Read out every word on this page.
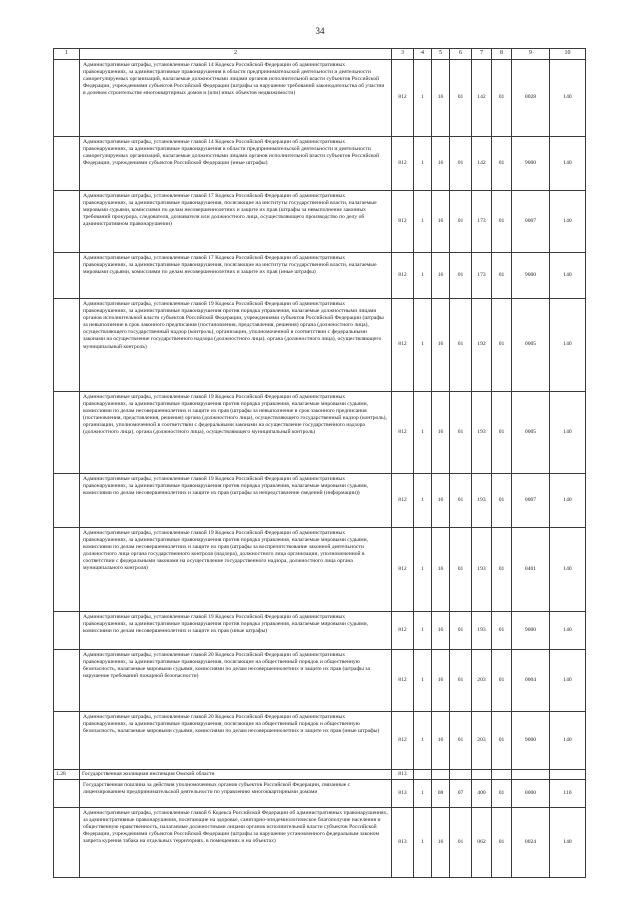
34
1	2	3	4	5	6	7	8	9	10
	Административные штрафы, установленные главой 14 Кодекса Российской Федерации об административных правонарушениях, за административные правонарушения в области предпринимательской деятельности и деятельности саморегулируемых организаций, налагаемые должностными лицами органов исполнительной власти субъектов Российской Федерации, учреждениями субъектов Российской Федерации (штрафы за нарушение требований законодательства об участии в долевом строительстве многоквартирных домов и (или) иных объектов недвижимости)	812	1	16	01	142	01	0028	140
	Административные штрафы, установленные главой 14 Кодекса Российской Федерации об административных правонарушениях, за административные правонарушения в области предпринимательской деятельности и деятельности саморегулируемых организаций, налагаемые должностными лицами органов исполнительной власти субъектов Российской Федерации, учреждениями субъектов Российской Федерации (иные штрафы)	812	1	16	01	142	01	9000	140
	Административные штрафы, установленные главой 17 Кодекса Российской Федерации об административных правонарушениях, за административные правонарушения, посягающие на институты государственной власти, налагаемые мировыми судьями, комиссиями по делам несовершеннолетних и защите их прав (штрафы за невыполнение законных требований прокурора, следователя, дознавателя или должностного лица, осуществляющего производство по делу об административном правонарушении)	812	1	16	01	173	01	0007	140
	Административные штрафы, установленные главой 17 Кодекса Российской Федерации об административных правонарушениях, за административные правонарушения, посягающие на институты государственной власти, налагаемые мировыми судьями, комиссиями по делам несовершеннолетних и защите их прав (иные штрафы)	812	1	16	01	173	01	9000	140
	Административные штрафы, установленные главой 19 Кодекса Российской Федерации об административных правонарушениях, за административные правонарушения против порядка управления, налагаемые должностными лицами органов исполнительной власти субъектов Российской Федерации, учреждениями субъектов Российской Федерации (штрафы за невыполнение в срок законного предписания (постановления, представления, решения) органа (должностного лица), осуществляющего государственный надзор (контроль), организации, уполномоченной в соответствии с федеральными законами на осуществление государственного надзора (должностного лица), органа (должностного лица), осуществляющего муниципальный контроль)	812	1	16	01	192	01	0005	140
	Административные штрафы, установленные главой 19 Кодекса Российской Федерации об административных правонарушениях, за административные правонарушения против порядка управления, налагаемые мировыми судьями, комиссиями по делам несовершеннолетних и защите их прав (штрафы за невыполнение в срок законного предписания (постановления, представления, решения) органа (должностного лица), осуществляющего государственный надзор (контроль), организации, уполномоченной в соответствии с федеральными законами на осуществление государственного надзора (должностного лица), органа (должностного лица), осуществляющего муниципальный контроль)	812	1	16	01	193	01	0005	140
	Административные штрафы, установленные главой 19 Кодекса Российской Федерации об административных правонарушениях, за административные правонарушения против порядка управления, налагаемые мировыми судьями, комиссиями по делам несовершеннолетних и защите их прав (штрафы за непредставление сведений (информации))	812	1	16	01	193	01	0007	140
	Административные штрафы, установленные главой 19 Кодекса Российской Федерации об административных правонарушениях, за административные правонарушения против порядка управления, налагаемые мировыми судьями, комиссиями по делам несовершеннолетних и защите их прав (штрафы за воспрепятствование законной деятельности должностного лица органа государственного контроля (надзора), должностного лица организации, уполномоченной в соответствии с федеральными законами на осуществление государственного надзора, должностного лица органа муниципального контроля)	812	1	16	01	193	01	0401	140
	Административные штрафы, установленные главой 19 Кодекса Российской Федерации об административных правонарушениях, за административные правонарушения против порядка управления, налагаемые мировыми судьями, комиссиями по делам несовершеннолетних и защите их прав (иные штрафы)	812	1	16	01	193	01	9000	140
	Административные штрафы, установленные главой 20 Кодекса Российской Федерации об административных правонарушениях, за административные правонарушения, посягающие на общественный порядок и общественную безопасность, налагаемые мировыми судьями, комиссиями по делам несовершеннолетних и защите их прав (штрафы за нарушение требований пожарной безопасности)	812	1	16	01	203	01	0004	140
	Административные штрафы, установленные главой 20 Кодекса Российской Федерации об административных правонарушениях, за административные правонарушения, посягающие на общественный порядок и общественную безопасность, налагаемые мировыми судьями, комиссиями по делам несовершеннолетних и защите их прав (иные штрафы)	812	1	16	01	203	01	9000	140
1.28	Государственная жилищная инспекция Омской области	813							
	Государственная пошлина за действия уполномоченных органов субъектов Российской Федерации, связанные с лицензированием предпринимательской деятельности по управлению многоквартирными домами	813	1	08	07	400	01	0000	110
	Административные штрафы, установленные главой 6 Кодекса Российской Федерации об административных правонарушениях, за административные правонарушения, посягающие на здоровье, санитарно-эпидемиологическое благополучие населения и общественную нравственность, налагаемые должностными лицами органов исполнительной власти субъектов Российской Федерации, учреждениями субъектов Российской Федерации (штрафы за нарушение установленного федеральным законом запрета курения табака на отдельных территориях, в помещениях и на объектах)	813	1	16	01	062	01	0024	140
